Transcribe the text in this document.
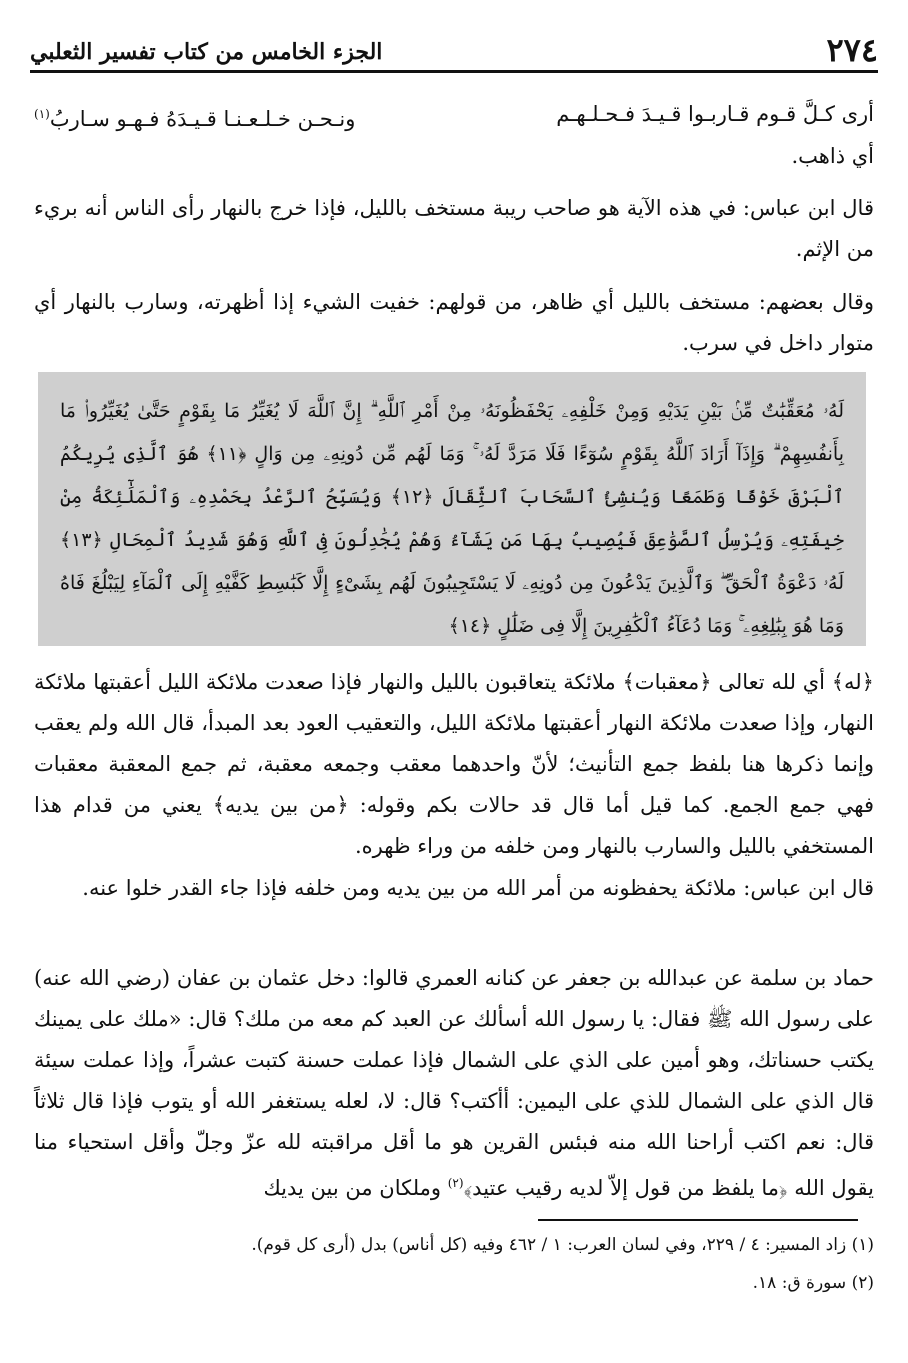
٢٧٤
الجزء الخامس من كتاب تفسير الثعلبي
أرى كـلَّ قـوم قـاربـوا قـيـدَ فـحـلـهـم
ونـحـن خـلـعـنـا قـيـدَهُ فـهـو سـاربُ$^{(١)}$

أي ذاهب.

قال ابن عباس: في هذه الآية هو صاحب ريبة مستخف بالليل، فإذا خرج بالنهار رأى الناس أنه بريء من الإثم.

وقال بعضهم: مستخف بالليل أي ظاهر، من قولهم: خفيت الشيء إذا أظهرته، وسارب بالنهار أي متوار داخل في سرب.

لَهُۥ مُعَقِّبَٰتٌ مِّنۢ بَيْنِ يَدَيْهِ وَمِنْ خَلْفِهِۦ يَحْفَظُونَهُۥ مِنْ أَمْرِ ٱللَّهِ ۗ إِنَّ ٱللَّهَ لَا يُغَيِّرُ مَا بِقَوْمٍ حَتَّىٰ يُغَيِّرُوا۟ مَا بِأَنفُسِهِمْ ۗ وَإِذَآ أَرَادَ ٱللَّهُ بِقَوْمٍ سُوٓءًا فَلَا مَرَدَّ لَهُۥ ۚ وَمَا لَهُم مِّن دُونِهِۦ مِن وَالٍ ﴿١١﴾ هُوَ ٱلَّذِى يُرِيكُمُ ٱلْبَرْقَ خَوْفًا وَطَمَعًا وَيُنشِئُ ٱلسَّحَابَ ٱلثِّقَالَ ﴿١٢﴾ وَيُسَبِّحُ ٱلرَّعْدُ بِحَمْدِهِۦ وَٱلْمَلَٰٓئِكَةُ مِنْ خِيفَتِهِۦ وَيُرْسِلُ ٱلصَّوَٰعِقَ فَيُصِيبُ بِهَا مَن يَشَآءُ وَهُمْ يُجَٰدِلُونَ فِى ٱللَّهِ وَهُوَ شَدِيدُ ٱلْمِحَالِ ﴿١٣﴾ لَهُۥ دَعْوَةُ ٱلْحَقِّ ۖ وَٱلَّذِينَ يَدْعُونَ مِن دُونِهِۦ لَا يَسْتَجِيبُونَ لَهُم بِشَىْءٍ إِلَّا كَبَٰسِطِ كَفَّيْهِ إِلَى ٱلْمَآءِ لِيَبْلُغَ فَاهُ وَمَا هُوَ بِبَٰلِغِهِۦ ۚ وَمَا دُعَآءُ ٱلْكَٰفِرِينَ إِلَّا فِى ضَلَٰلٍ ﴿١٤﴾

﴿له﴾ أي لله تعالى ﴿معقبات﴾ ملائكة يتعاقبون بالليل والنهار فإذا صعدت ملائكة الليل أعقبتها ملائكة النهار، وإذا صعدت ملائكة النهار أعقبتها ملائكة الليل، والتعقيب العود بعد المبدأ، قال الله ولم يعقب وإنما ذكرها هنا بلفظ جمع التأنيث؛ لأنّ واحدهما معقب وجمعه معقبة، ثم جمع المعقبة معقبات فهي جمع الجمع. كما قيل أما قال قد حالات بكم وقوله: ﴿من بين يديه﴾ يعني من قدام هذا المستخفي بالليل والسارب بالنهار ومن خلفه من وراء ظهره.

قال ابن عباس: ملائكة يحفظونه من أمر الله من بين يديه ومن خلفه فإذا جاء القدر خلوا عنه.

حماد بن سلمة عن عبدالله بن جعفر عن كنانه العمري قالوا: دخل عثمان بن عفان (رضي الله عنه) على رسول الله ﷺ فقال: يا رسول الله أسألك عن العبد كم معه من ملك؟ قال: «ملك على يمينك يكتب حسناتك، وهو أمين على الذي على الشمال فإذا عملت حسنة كتبت عشراً، وإذا عملت سيئة قال الذي على الشمال للذي على اليمين: أأكتب؟ قال: لا، لعله يستغفر الله أو يتوب فإذا قال ثلاثاً قال: نعم اكتب أراحنا الله منه فبئس القرين هو ما أقل مراقبته لله عزّ وجلّ وأقل استحياء منا يقول الله ﴿ما يلفظ من قول إلاّ لديه رقيب عتيد﴾$^{(٢)}$ وملكان من بين يديك

(١) زاد المسير: ٤ / ٢٢٩، وفي لسان العرب: ١ / ٤٦٢ وفيه (كل أناس) بدل (أرى كل قوم).
(٢) سورة ق: ١٨.
